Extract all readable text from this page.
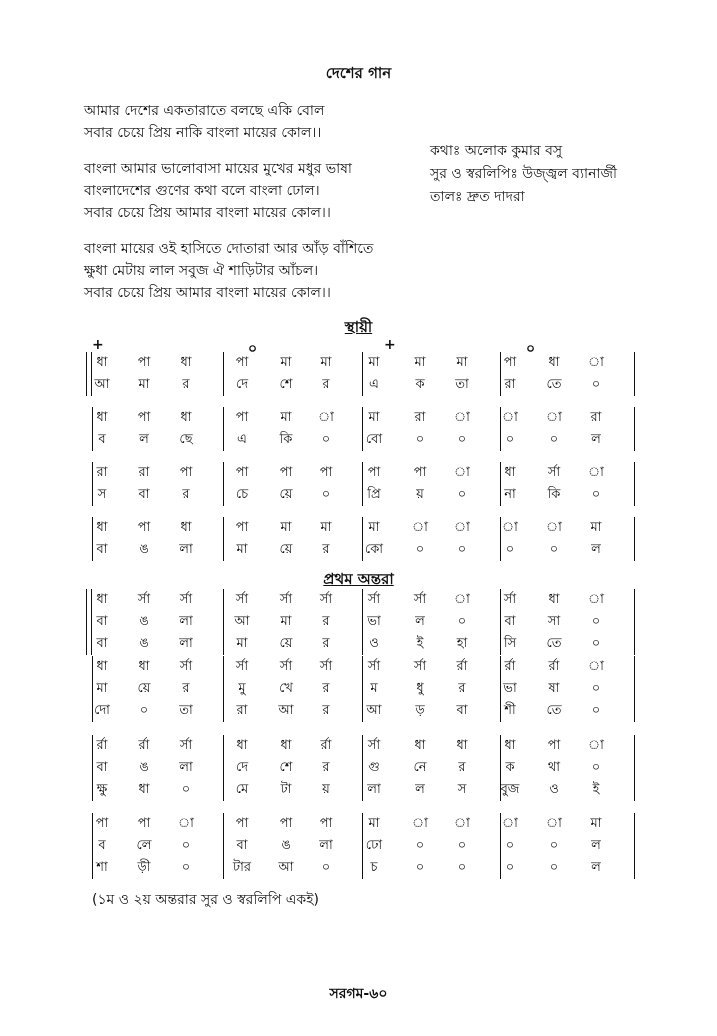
দেশের গান
আমার দেশের একতারাতে বলছে একি বোল
সবার চেয়ে প্রিয় নাকি বাংলা মায়ের কোল।।
বাংলা আমার ভালোবাসা মায়ের মুখের মধুর ভাষা
বাংলাদেশের গুণের কথা বলে বাংলা ঢোল।
সবার চেয়ে প্রিয় আমার বাংলা মায়ের কোল।।
বাংলা মায়ের ওই হাসিতে দোতারা আর আঁড় বাঁশিতে
ক্ষুধা মেটায় লাল সবুজ ঐ শাড়িটার আঁচল।
সবার চেয়ে প্রিয় আমার বাংলা মায়ের কোল।।
কথাঃ অলোক কুমার বসু
সুর ও স্বরলিপিঃ উজ্জ্বল ব্যানার্জী
তালঃ দ্রুত দাদরা
স্থায়ী
+	০	+	০
ধা	পা	ধা	পা	মা	মা	মা	মা	মা	পা	ধা	া
আ	মা	র	দে	শে	র	এ	ক	তা	রা	তে	০
ধা	পা	ধা	পা	মা	া	মা	রা	া	া	া	রা
ব	ল	ছে	এ	কি	০	বো	০	০	০	০	ল
রা	রা	পা	পা	পা	পা	পা	পা	া	ধা	র্সা	া
স	বা	র	চে	য়ে	০	প্রি	য়	০	না	কি	০
ধা	পা	ধা	পা	মা	মা	মা	া	া	া	া	মা
বা	ঙ	লা	মা	য়ে	র	কো	০	০	০	০	ল
প্রথম অন্তরা
ধা	র্সা	র্সা	র্সা	র্সা	র্সা	র্সা	র্সা	া	র্সা	ধা	া
বা	ঙ	লা	আ	মা	র	ভা	ল	০	বা	সা	০
বা	ঙ	লা	মা	য়ে	র	ও	ই	হা	সি	তে	০
ধা	ধা	র্সা	র্সা	র্সা	র্সা	র্সা	র্সা	র্রা	র্রা	র্রা	া
মা	য়ে	র	মু	খে	র	ম	ধু	র	ভা	ষা	০
দো	০	তা	রা	আ	র	আ	ড়	বা	শী	তে	০
র্রা	র্রা	র্সা	ধা	ধা	র্রা	র্সা	ধা	ধা	ধা	পা	া
বা	ঙ	লা	দে	শে	র	গু	নে	র	ক	থা	০
ক্ষু	ধা	০	মে	টা	য়	লা	ল	স	বুজ	ও	ই
পা	পা	া	পা	পা	পা	মা	া	া	া	া	মা
ব	লে	০	বা	ঙ	লা	ঢো	০	০	০	০	ল
শা	ড়ী	০	টার	আ	০	চ	০	০	০	০	ল
(১ম ও ২য় অন্তরার সুর ও স্বরলিপি একই)
সরগম-৬০
